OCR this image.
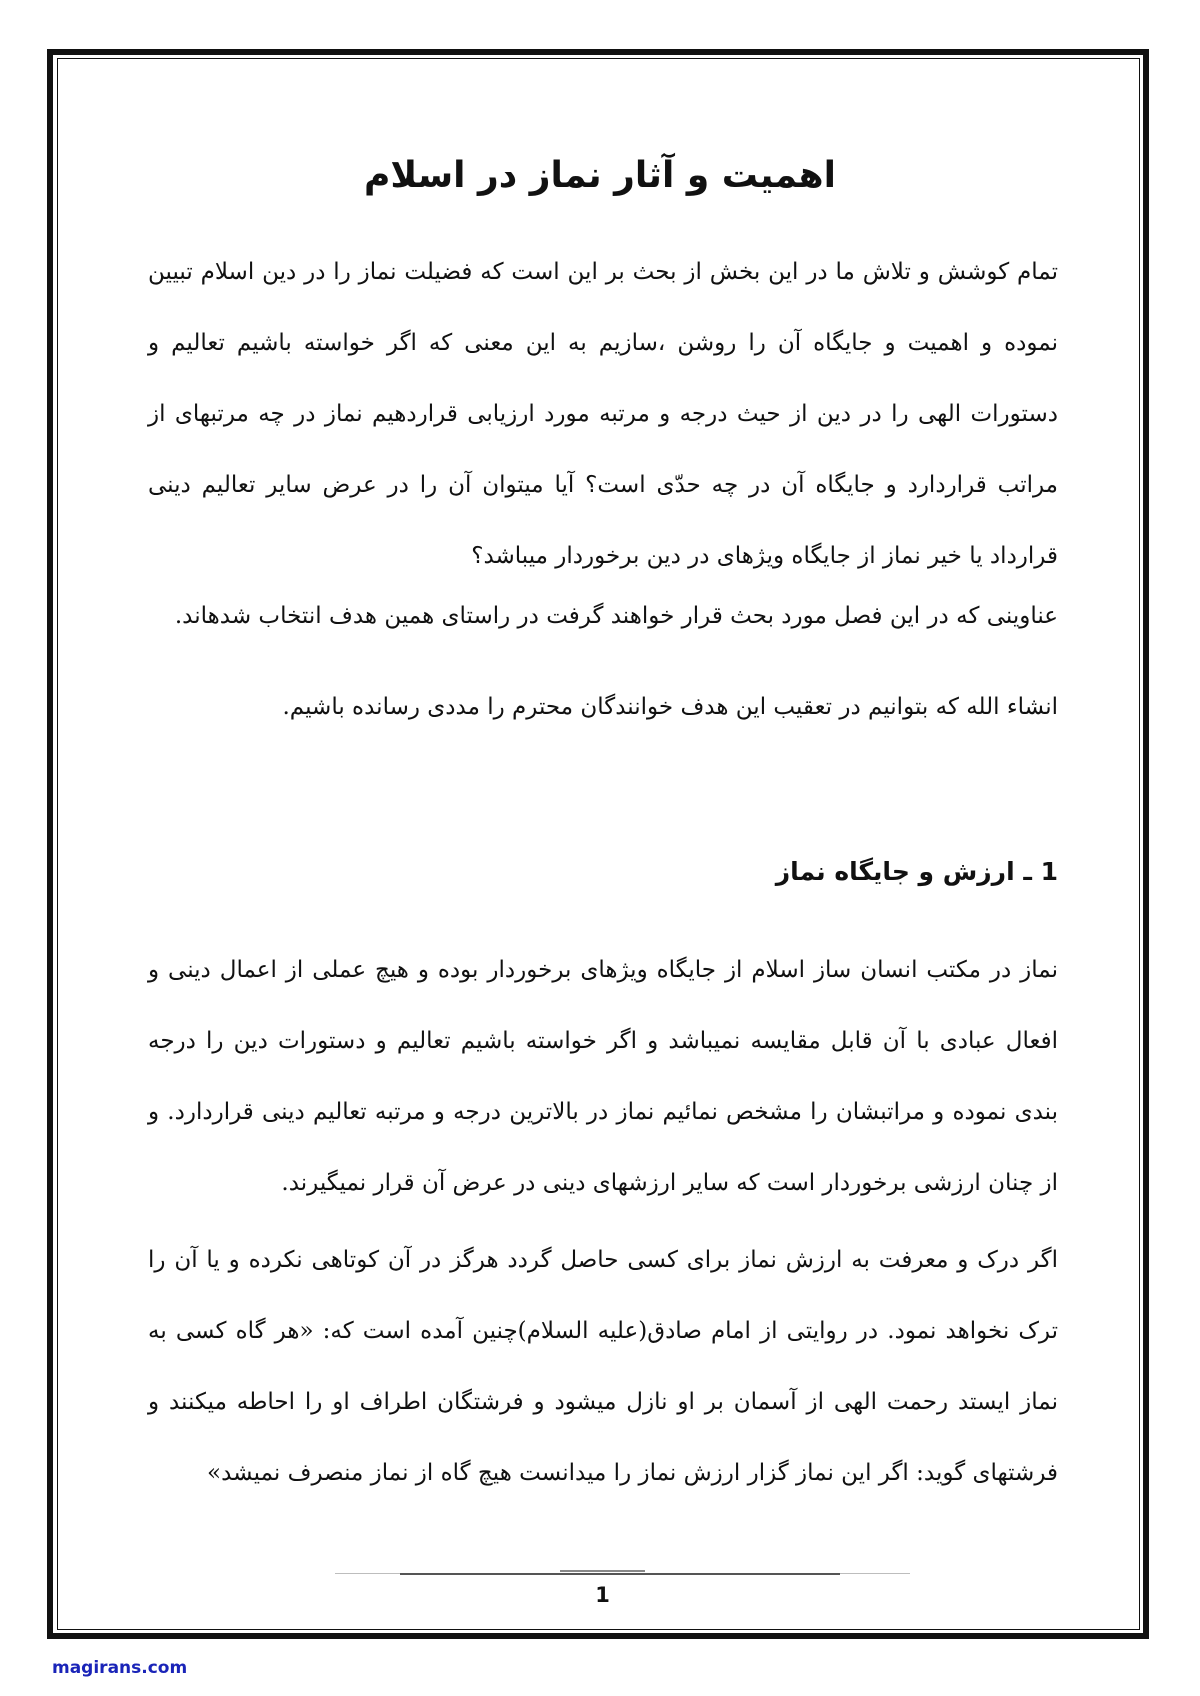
اهمیت و آثار نماز در اسلام

تمام کوشش و تلاش ما در این بخش از بحث بر این است که فضیلت نماز را در دین اسلام تبیین نموده و اهمیت و جایگاه آن را روشن ،سازیم به این معنی که اگر خواسته باشیم تعالیم و دستورات الهی را در دین از حیث درجه و مرتبه مورد ارزیابی قراردهیم نماز در چه مرتبهای از مراتب قراردارد و جایگاه آن در چه حدّی است؟ آیا میتوان آن را در عرض سایر تعالیم دینی قرارداد یا خیر نماز از جایگاه ویژهای در دین برخوردار میباشد؟

عناوینی که در این فصل مورد بحث قرار خواهند گرفت در راستای همین هدف انتخاب شدهاند.

انشاء الله که بتوانیم در تعقیب این هدف خوانندگان محترم را مددی رسانده باشیم.

1 ـ ارزش و جایگاه نماز

نماز در مکتب انسان ساز اسلام از جایگاه ویژهای برخوردار بوده و هیچ عملی از اعمال دینی و افعال عبادی با آن قابل مقایسه نمیباشد و اگر خواسته باشیم تعالیم و دستورات دین را درجه بندی نموده و مراتبشان را مشخص نمائیم نماز در بالاترین درجه و مرتبه تعالیم دینی قراردارد. و از چنان ارزشی برخوردار است که سایر ارزشهای دینی در عرض آن قرار نمیگیرند.

اگر درک و معرفت به ارزش نماز برای کسی حاصل گردد هرگز در آن کوتاهی نکرده و یا آن را ترک نخواهد نمود. در روایتی از امام صادق(علیه السلام)چنین آمده است که: «هر گاه کسی به نماز ایستد رحمت الهی از آسمان بر او نازل میشود و فرشتگان اطراف او را احاطه میکنند و فرشتهای گوید: اگر این نماز گزار ارزش نماز را میدانست هیچ گاه از نماز منصرف نمیشد»

1
magirans.com
